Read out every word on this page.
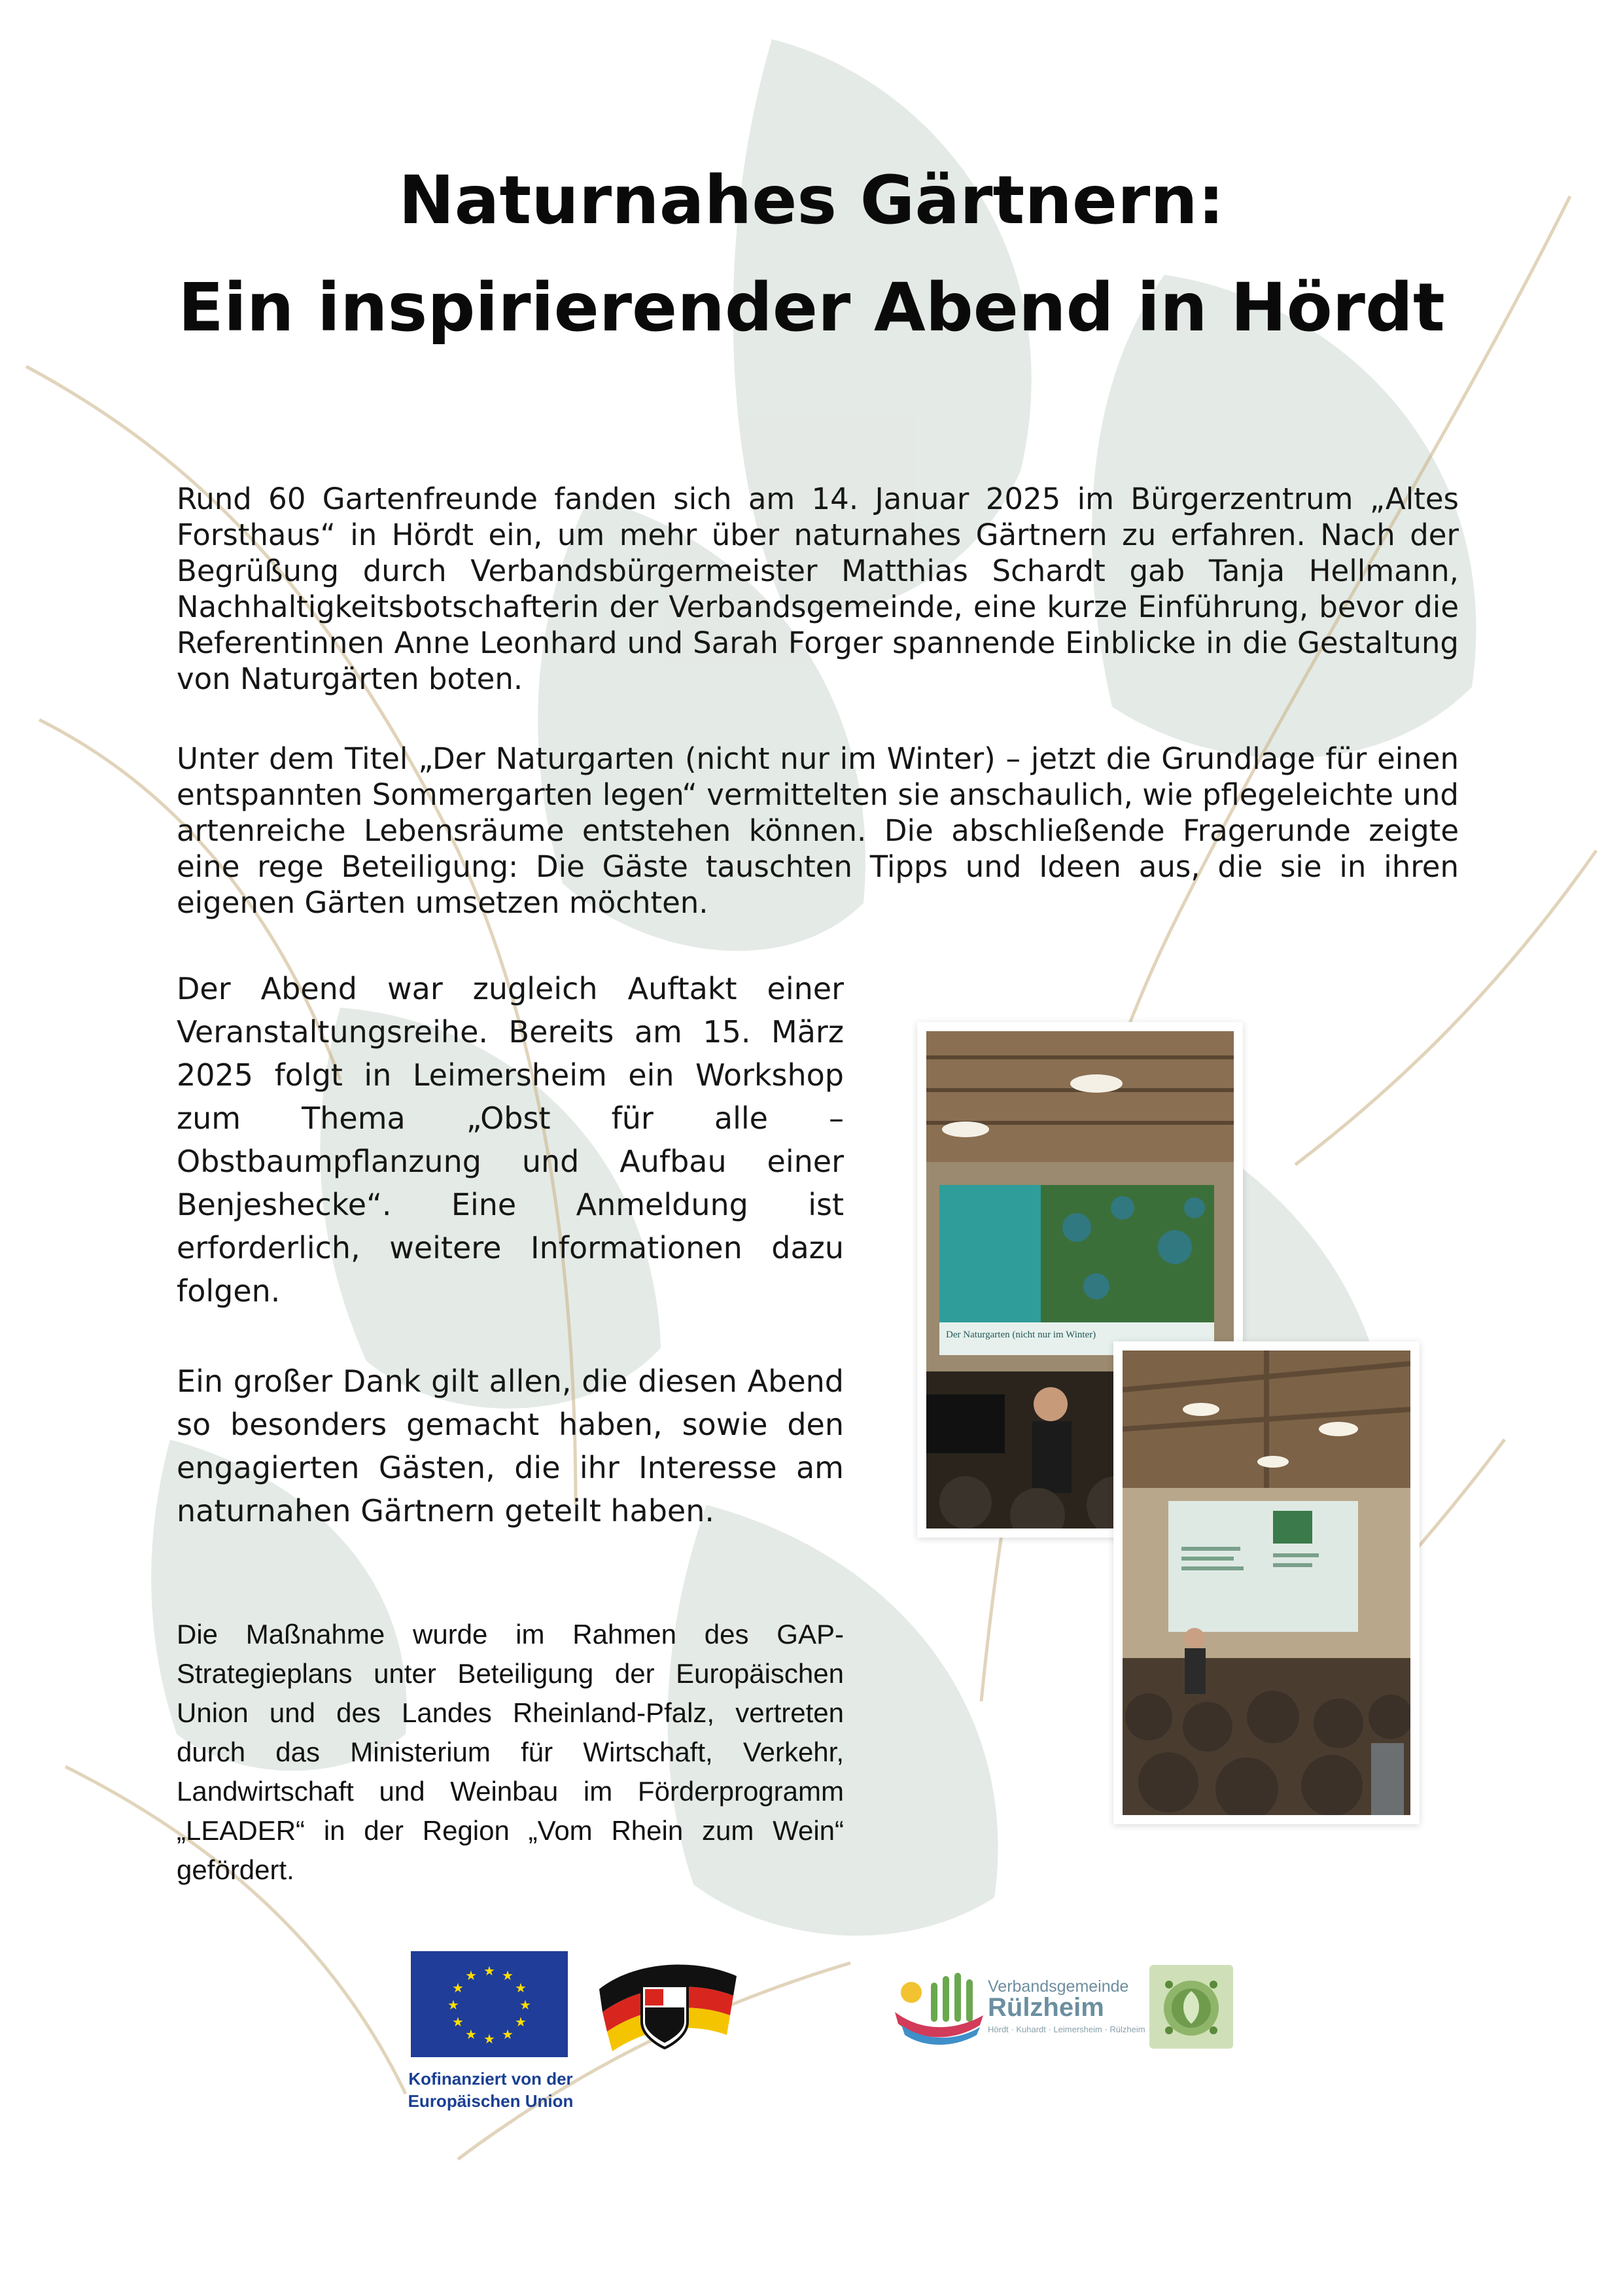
Naturnahes Gärtnern:
Ein inspirierender Abend in Hördt

Rund 60 Gartenfreunde fanden sich am 14. Januar 2025 im Bürgerzentrum „Altes Forsthaus“ in Hördt ein, um mehr über naturnahes Gärtnern zu erfahren. Nach der Begrüßung durch Verbandsbürgermeister Matthias Schardt gab Tanja Hellmann, Nachhaltigkeitsbotschafterin der Verbandsgemeinde, eine kurze Einführung, bevor die Referentinnen Anne Leonhard und Sarah Forger spannende Einblicke in die Gestaltung von Naturgärten boten.

Unter dem Titel „Der Naturgarten (nicht nur im Winter) – jetzt die Grundlage für einen entspannten Sommergarten legen“ vermittelten sie anschaulich, wie pflegeleichte und artenreiche Lebensräume entstehen können. Die abschließende Fragerunde zeigte eine rege Beteiligung: Die Gäste tauschten Tipps und Ideen aus, die sie in ihren eigenen Gärten umsetzen möchten.

Der Abend war zugleich Auftakt einer Veranstaltungsreihe. Bereits am 15. März 2025 folgt in Leimersheim ein Workshop zum Thema „Obst für alle – Obstbaumpflanzung und Aufbau einer Benjeshecke“. Eine Anmeldung ist erforderlich, weitere Informationen dazu folgen.

Ein großer Dank gilt allen, die diesen Abend so besonders gemacht haben, sowie den engagierten Gästen, die ihr Interesse am naturnahen Gärtnern geteilt haben.

Die Maßnahme wurde im Rahmen des GAP-Strategieplans unter Beteiligung der Europäischen Union und des Landes Rheinland-Pfalz, vertreten durch das Ministerium für Wirtschaft, Verkehr, Landwirtschaft und Weinbau im Förderprogramm „LEADER“ in der Region „Vom Rhein zum Wein“ gefördert.

Der Naturgarten (nicht nur im Winter)
★ ★
★
★
★
★
★
★
★
★
★
★
Kofinanziert von der
Europäischen Union
Verbandsgemeinde
Rülzheim
Hördt · Kuhardt · Leimersheim · Rülzheim
